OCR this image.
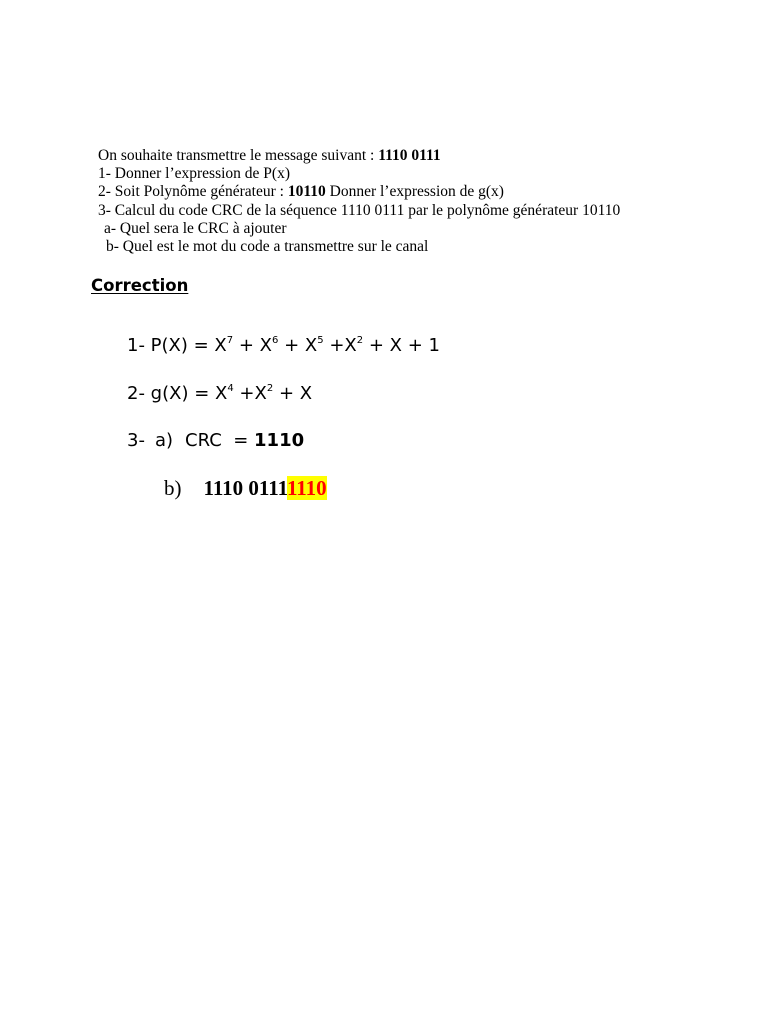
On souhaite transmettre le message suivant : 1110 0111
1- Donner l’expression de P(x)
2- Soit Polynôme générateur : 10110 Donner l’expression de g(x)
3- Calcul du code CRC de la séquence 1110 0111 par le polynôme générateur 10110
a- Quel sera le CRC à ajouter
b- Quel est le mot du code a transmettre sur le canal
Correction
1- $P(X) = X^7 + X^6 + X^5 +X^2 + X + 1$
2- $g(X) = X^4 +X^2 + X$
3- a) CRC  = 1110
b) 1110 01111110
